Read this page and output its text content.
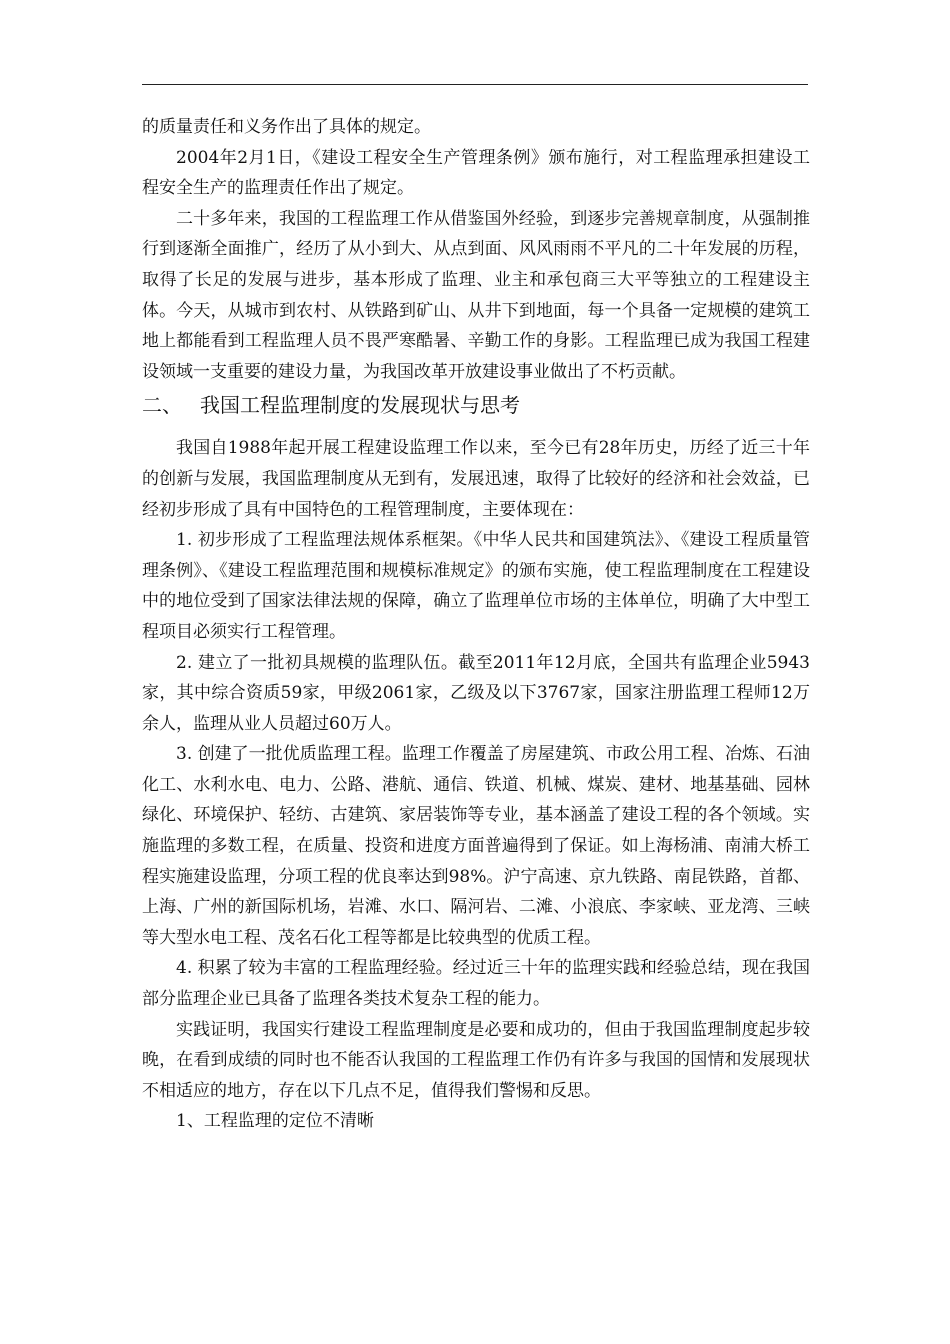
的质量责任和义务作出了具体的规定。

2004年2月1日，《建设工程安全生产管理条例》颁布施行，对工程监理承担建设工程安全生产的监理责任作出了规定。

二十多年来，我国的工程监理工作从借鉴国外经验，到逐步完善规章制度，从强制推行到逐渐全面推广，经历了从小到大、从点到面、风风雨雨不平凡的二十年发展的历程，取得了长足的发展与进步，基本形成了监理、业主和承包商三大平等独立的工程建设主体。今天，从城市到农村、从铁路到矿山、从井下到地面，每一个具备一定规模的建筑工地上都能看到工程监理人员不畏严寒酷暑、辛勤工作的身影。工程监理已成为我国工程建设领域一支重要的建设力量，为我国改革开放建设事业做出了不朽贡献。

二、 我国工程监理制度的发展现状与思考

我国自1988年起开展工程建设监理工作以来，至今已有28年历史，历经了近三十年的创新与发展，我国监理制度从无到有，发展迅速，取得了比较好的经济和社会效益，已经初步形成了具有中国特色的工程管理制度，主要体现在：

1. 初步形成了工程监理法规体系框架。《中华人民共和国建筑法》、《建设工程质量管理条例》、《建设工程监理范围和规模标准规定》的颁布实施，使工程监理制度在工程建设中的地位受到了国家法律法规的保障，确立了监理单位市场的主体单位，明确了大中型工程项目必须实行工程管理。

2. 建立了一批初具规模的监理队伍。截至2011年12月底，全国共有监理企业5943家，其中综合资质59家，甲级2061家，乙级及以下3767家，国家注册监理工程师12万余人，监理从业人员超过60万人。

3. 创建了一批优质监理工程。监理工作覆盖了房屋建筑、市政公用工程、冶炼、石油化工、水利水电、电力、公路、港航、通信、铁道、机械、煤炭、建材、地基基础、园林绿化、环境保护、轻纺、古建筑、家居装饰等专业，基本涵盖了建设工程的各个领域。实施监理的多数工程，在质量、投资和进度方面普遍得到了保证。如上海杨浦、南浦大桥工程实施建设监理，分项工程的优良率达到98%。沪宁高速、京九铁路、南昆铁路，首都、上海、广州的新国际机场，岩滩、水口、隔河岩、二滩、小浪底、李家峡、亚龙湾、三峡等大型水电工程、茂名石化工程等都是比较典型的优质工程。

4. 积累了较为丰富的工程监理经验。经过近三十年的监理实践和经验总结，现在我国部分监理企业已具备了监理各类技术复杂工程的能力。

实践证明，我国实行建设工程监理制度是必要和成功的，但由于我国监理制度起步较晚，在看到成绩的同时也不能否认我国的工程监理工作仍有许多与我国的国情和发展现状不相适应的地方，存在以下几点不足，值得我们警惕和反思。

1、工程监理的定位不清晰
